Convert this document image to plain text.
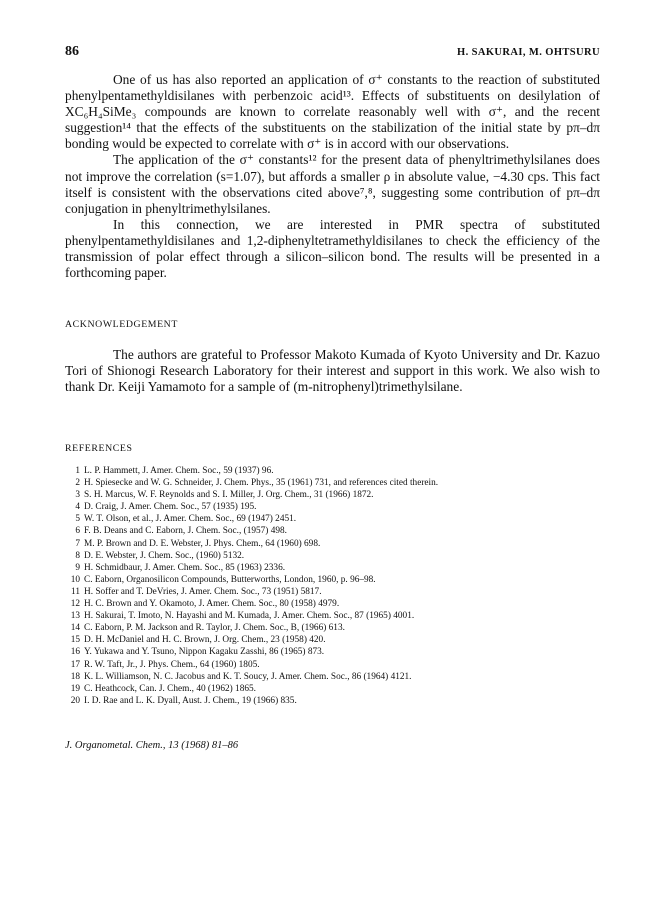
86	H. SAKURAI, M. OHTSURU

One of us has also reported an application of σ⁺ constants to the reaction of substituted phenylpentamethyldisilanes with perbenzoic acid¹³. Effects of substituents on desilylation of XC₆H₄SiMe₃ compounds are known to correlate reasonably well with σ⁺, and the recent suggestion¹⁴ that the effects of the substituents on the stabilization of the initial state by pπ–dπ bonding would be expected to correlate with σ⁺ is in accord with our observations.

The application of the σ⁺ constants¹² for the present data of phenyltrimethylsilanes does not improve the correlation (s=1.07), but affords a smaller ρ in absolute value, −4.30 cps. This fact itself is consistent with the observations cited above⁷,⁸, suggesting some contribution of pπ–dπ conjugation in phenyltrimethylsilanes.

In this connection, we are interested in PMR spectra of substituted phenylpentamethyldisilanes and 1,2-diphenyltetramethyldisilanes to check the efficiency of the transmission of polar effect through a silicon–silicon bond. The results will be presented in a forthcoming paper.

ACKNOWLEDGEMENT

The authors are grateful to Professor Makoto Kumada of Kyoto University and Dr. Kazuo Tori of Shionogi Research Laboratory for their interest and support in this work. We also wish to thank Dr. Keiji Yamamoto for a sample of (m-nitrophenyl)trimethylsilane.

REFERENCES
1 L. P. Hammett, J. Amer. Chem. Soc., 59 (1937) 96.
2 H. Spiesecke and W. G. Schneider, J. Chem. Phys., 35 (1961) 731, and references cited therein.
3 S. H. Marcus, W. F. Reynolds and S. I. Miller, J. Org. Chem., 31 (1966) 1872.
4 D. Craig, J. Amer. Chem. Soc., 57 (1935) 195.
5 W. T. Olson, et al., J. Amer. Chem. Soc., 69 (1947) 2451.
6 F. B. Deans and C. Eaborn, J. Chem. Soc., (1957) 498.
7 M. P. Brown and D. E. Webster, J. Phys. Chem., 64 (1960) 698.
8 D. E. Webster, J. Chem. Soc., (1960) 5132.
9 H. Schmidbaur, J. Amer. Chem. Soc., 85 (1963) 2336.
10 C. Eaborn, Organosilicon Compounds, Butterworths, London, 1960, p. 96–98.
11 H. Soffer and T. DeVries, J. Amer. Chem. Soc., 73 (1951) 5817.
12 H. C. Brown and Y. Okamoto, J. Amer. Chem. Soc., 80 (1958) 4979.
13 H. Sakurai, T. Imoto, N. Hayashi and M. Kumada, J. Amer. Chem. Soc., 87 (1965) 4001.
14 C. Eaborn, P. M. Jackson and R. Taylor, J. Chem. Soc., B, (1966) 613.
15 D. H. McDaniel and H. C. Brown, J. Org. Chem., 23 (1958) 420.
16 Y. Yukawa and Y. Tsuno, Nippon Kagaku Zasshi, 86 (1965) 873.
17 R. W. Taft, Jr., J. Phys. Chem., 64 (1960) 1805.
18 K. L. Williamson, N. C. Jacobus and K. T. Soucy, J. Amer. Chem. Soc., 86 (1964) 4121.
19 C. Heathcock, Can. J. Chem., 40 (1962) 1865.
20 I. D. Rae and L. K. Dyall, Aust. J. Chem., 19 (1966) 835.
J. Organometal. Chem., 13 (1968) 81–86
